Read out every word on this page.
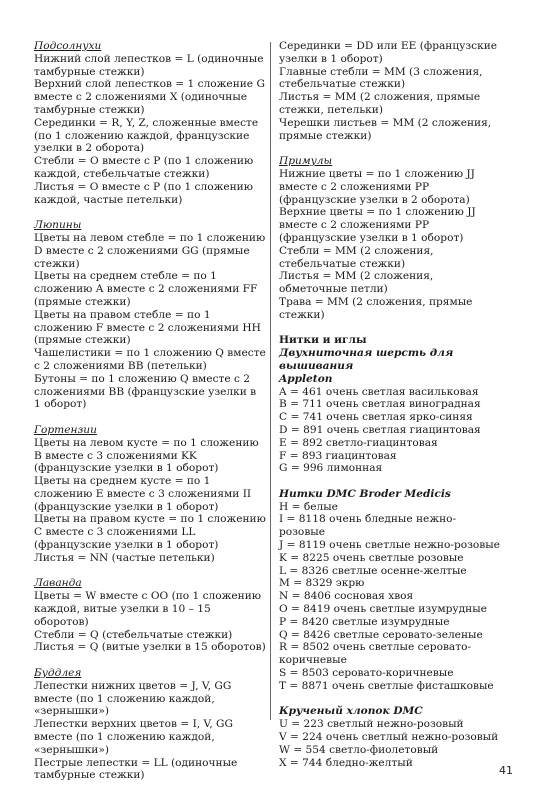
Подсолнухи
Нижний слой лепестков = L (одиночные тамбурные стежки)
Верхний слой лепестков = 1 сложение G вместе с 2 сложениями X (одиночные тамбурные стежки)
Серединки = R, Y, Z, сложенные вместе (по 1 сложению каждой, французские узелки в 2 оборота)
Стебли = O вместе с P (по 1 сложению каждой, стебельчатые стежки)
Листья = O вместе с P (по 1 сложению каждой, частые петельки)
Люпины
Цветы на левом стебле = по 1 сложению D вместе с 2 сложениями GG (прямые стежки)
Цветы на среднем стебле = по 1 сложению A вместе с 2 сложениями FF (прямые стежки)
Цветы на правом стебле = по 1 сложению F вместе с 2 сложениями HH (прямые стежки)
Чашелистики = по 1 сложению Q вместе с 2 сложениями BB (петельки)
Бутоны = по 1 сложению Q вместе с 2 сложениями BB (французские узелки в 1 оборот)
Гортензии
Цветы на левом кусте = по 1 сложению В вместе с 3 сложениями KK (французские узелки в 1 оборот)
Цветы на среднем кусте = по 1 сложению E вместе с 3 сложениями II (французские узелки в 1 оборот)
Цветы на правом кусте = по 1 сложению С вместе с 3 сложениями LL (французские узелки в 1 оборот)
Листья = NN (частые петельки)
Лаванда
Цветы = W вместе с OO (по 1 сложению каждой, витые узелки в 10 – 15 оборотов)
Стебли = Q (стебельчатые стежки)
Листья = Q (витые узелки в 15 оборотов)
Буддлея
Лепестки нижних цветов = J, V, GG вместе (по 1 сложению каждой, «зернышки»)
Лепестки верхних цветов = I, V, GG вместе (по 1 сложению каждой, «зернышки»)
Пестрые лепестки = LL (одиночные тамбурные стежки)
Серединки = DD или EE (французские узелки в 1 оборот)
Главные стебли = MM (3 сложения, стебельчатые стежки)
Листья = MM (2 сложения, прямые стежки, петельки)
Черешки листьев = MM (2 сложения, прямые стежки)
Примулы
Нижние цветы = по 1 сложению JJ вместе с 2 сложениями PP (французские узелки в 2 оборота)
Верхние цветы = по 1 сложению JJ вместе с 2 сложениями PP (французские узелки в 1 оборот)
Стебли = MM (2 сложения, стебельчатые стежки)
Листья = MM (2 сложения, обметочные петли)
Трава = MM (2 сложения, прямые стежки)
Нитки и иглы
Двухниточная шерсть для вышивания
Appleton
A = 461 очень светлая васильковая
B = 711 очень светлая виноградная
C = 741 очень светлая ярко-синяя
D = 891 очень светлая гиацинтовая
E = 892 светло-гиацинтовая
F = 893 гиацинтовая
G = 996 лимонная
Нитки DMC Broder Medicis
H = белые
I = 8118 очень бледные нежно-розовые
J = 8119 очень светлые нежно-розовые
K = 8225 очень светлые розовые
L = 8326 светлые осенне-желтые
M = 8329 экрю
N = 8406 сосновая хвоя
O = 8419 очень светлые изумрудные
P = 8420 светлые изумрудные
Q = 8426 светлые серовато-зеленые
R = 8502 очень светлые серовато-коричневые
S = 8503 серовато-коричневые
T = 8871 очень светлые фисташковые
Крученый хлопок DMC
U = 223 светлый нежно-розовый
V = 224 очень светлый нежно-розовый
W = 554 светло-фиолетовый
X = 744 бледно-желтый
41
